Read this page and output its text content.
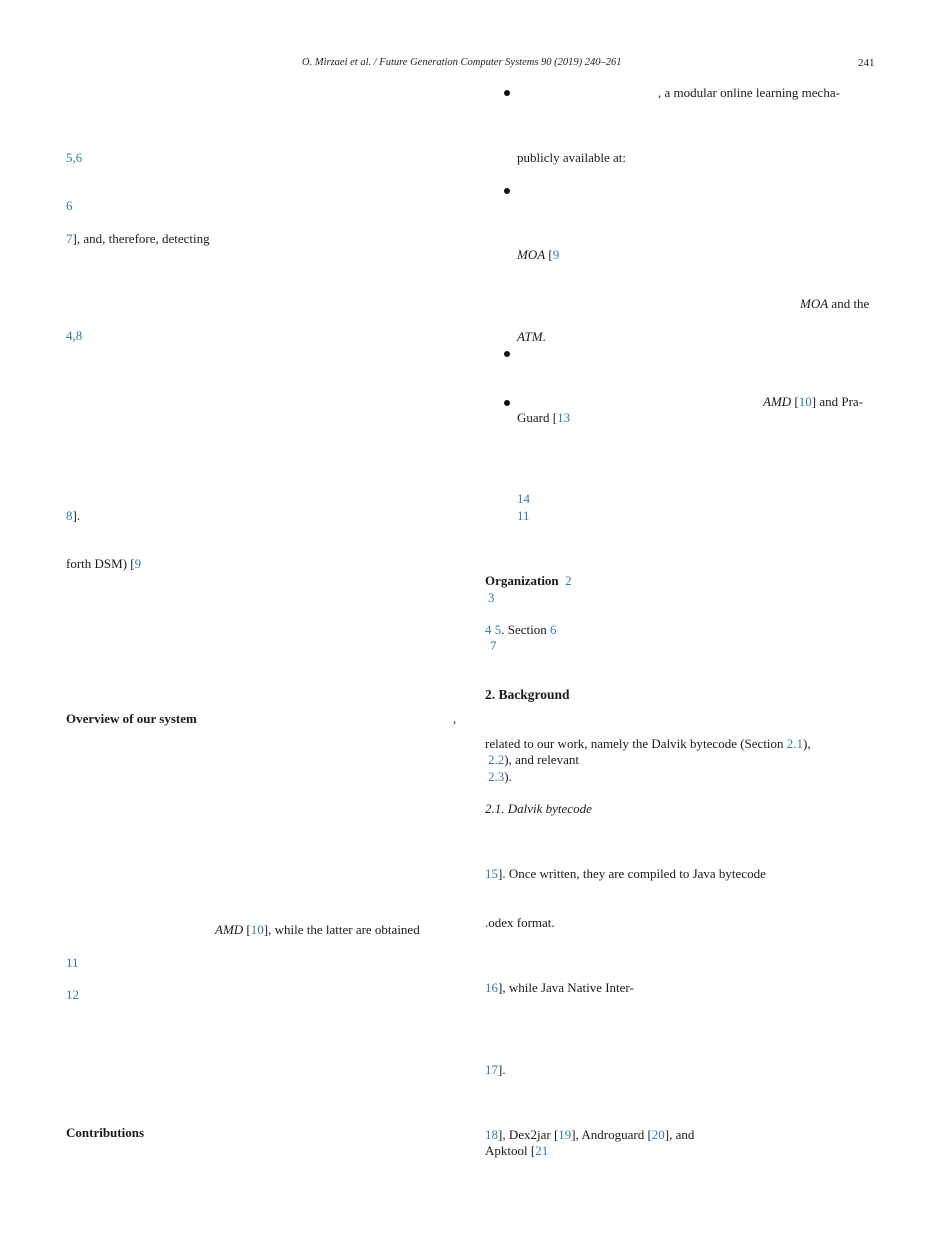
O. Mirzaei et al. / Future Generation Computer Systems 90 (2019) 240–261	241
5,6
6
7], and, therefore, detecting
4,8
8].
forth DSM) [9
Overview of our system	,
AMD [10], while the latter are obtained
11
12
Contributions
, a modular online learning mecha-
publicly available at:
MOA [9
MOA and the
ATM.
AMD [10] and Pra-
Guard [13
14
11
Organization 2
3
4 5. Section 6
7
2. Background
related to our work, namely the Dalvik bytecode (Section 2.1),
2.2), and relevant
2.3).
2.1. Dalvik bytecode
15]. Once written, they are compiled to Java bytecode
.odex format.
16], while Java Native Inter-
17].
18], Dex2jar [19], Androguard [20], and
Apktool [21
